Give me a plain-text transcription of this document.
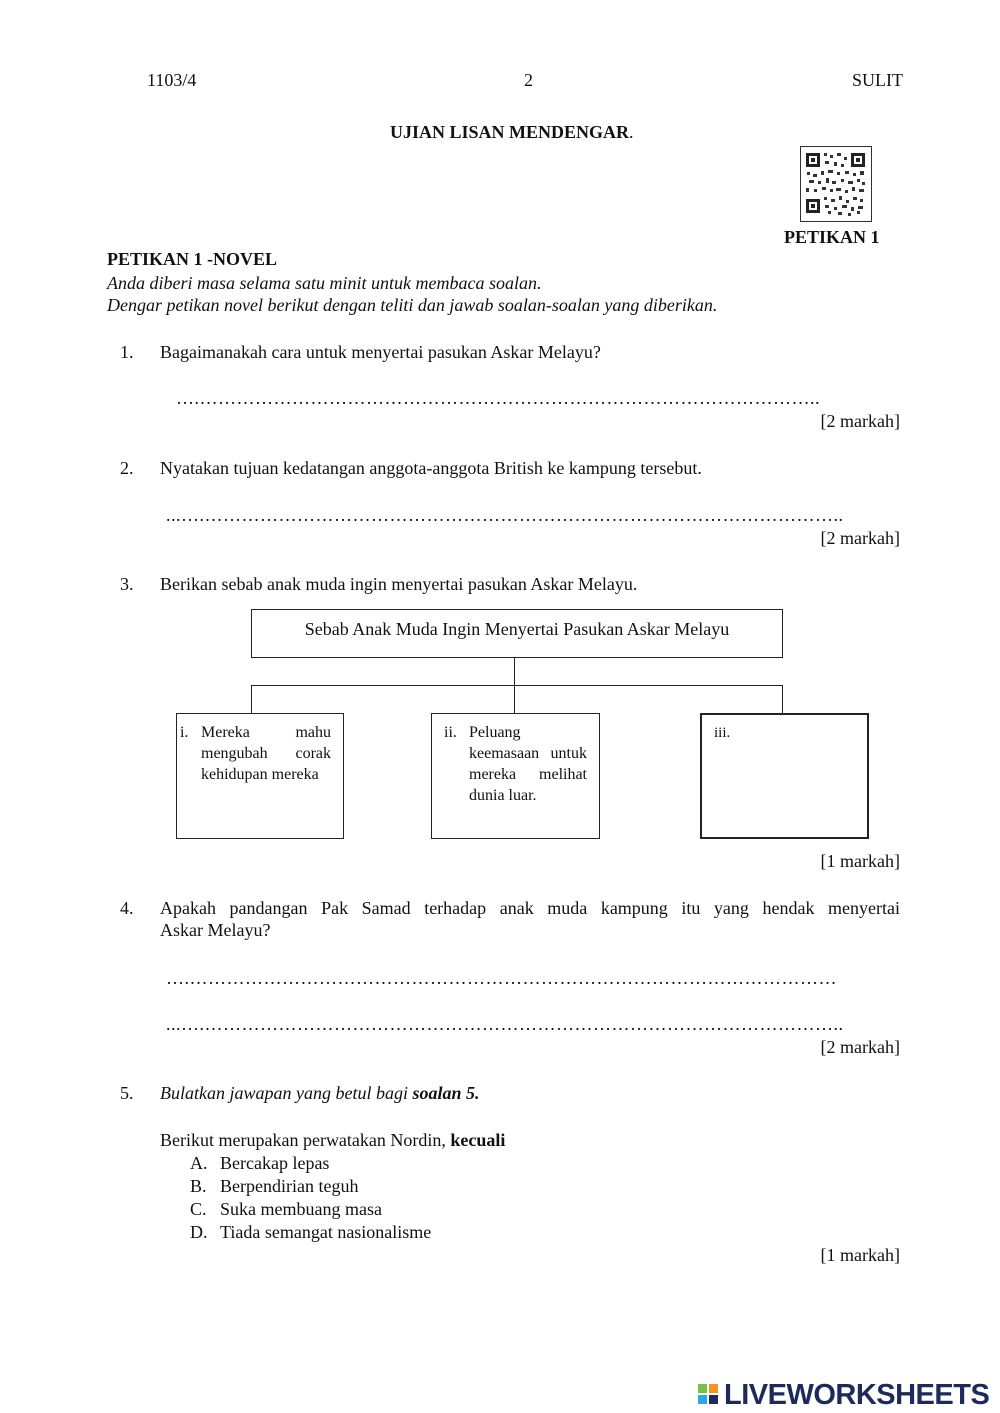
1103/4	2	SULIT
UJIAN LISAN MENDENGAR.
PETIKAN 1
PETIKAN 1 -NOVEL
Anda diberi masa selama satu minit untuk membaca soalan.
Dengar petikan novel berikut dengan teliti dan jawab soalan-soalan yang diberikan.
1. Bagaimanakah cara untuk menyertai pasukan Askar Melayu?
….………………………………………………………………………………………..
[2 markah]
2. Nyatakan tujuan kedatangan anggota-anggota British ke kampung tersebut.
...….…………………………………………………………………………………………..
[2 markah]
3. Berikan sebab anak muda ingin menyertai pasukan Askar Melayu.
Sebab Anak Muda Ingin Menyertai Pasukan Askar Melayu
i. Mereka mahu mengubah corak kehidupan mereka
ii. Peluang keemasaan untuk mereka melihat dunia luar.
iii.
[1 markah]
4. Apakah pandangan Pak Samad terhadap anak muda kampung itu yang hendak menyertai
Askar Melayu?
….……………………………………………………………………………………………
...….…………………………………………………………………………………………..
[2 markah]
5. Bulatkan jawapan yang betul bagi soalan 5.
Berikut merupakan perwatakan Nordin, kecuali
A. Bercakap lepas
B. Berpendirian teguh
C. Suka membuang masa
D. Tiada semangat nasionalisme
[1 markah]
LIVEWORKSHEETS
